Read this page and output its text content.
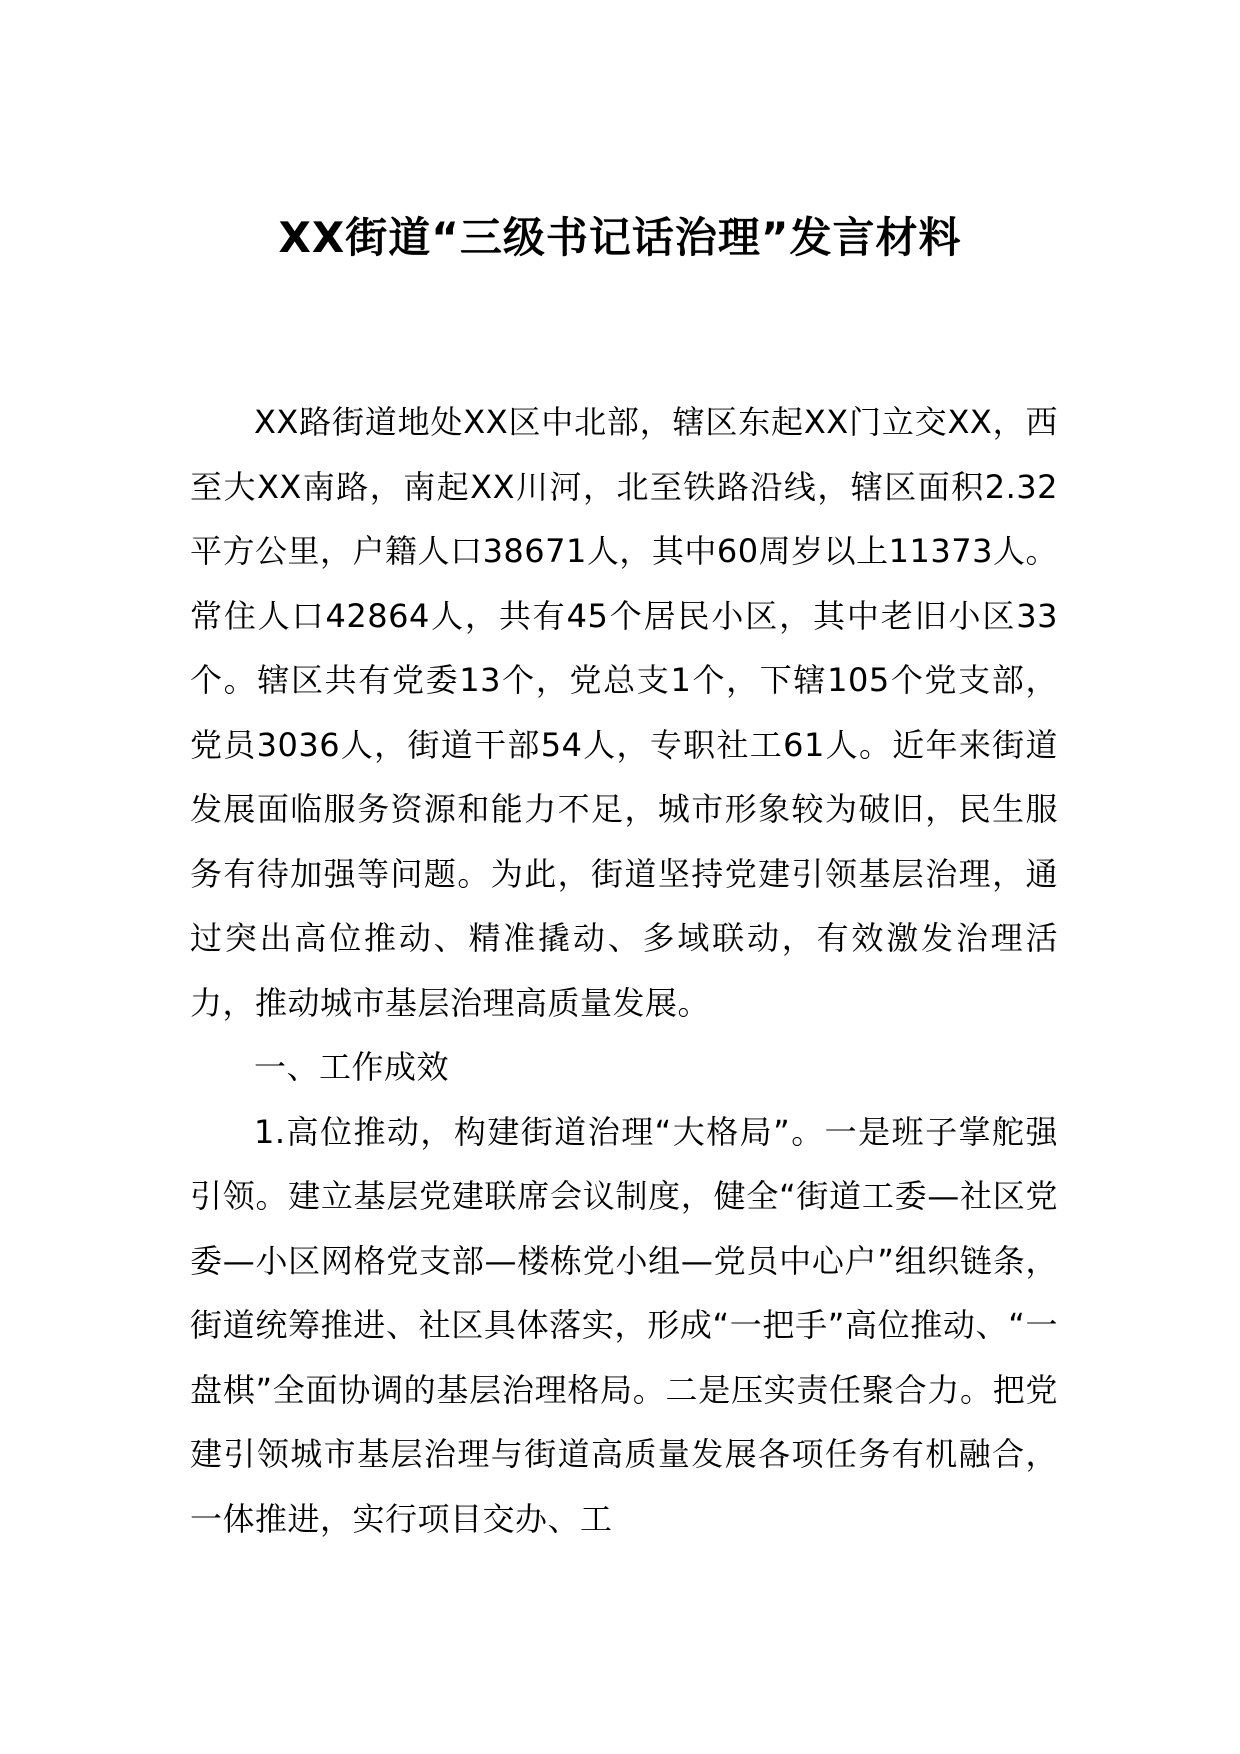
XX街道“三级书记话治理”发言材料

XX路街道地处XX区中北部，辖区东起XX门立交XX，西至大XX南路，南起XX川河，北至铁路沿线，辖区面积2.32平方公里，户籍人口38671人，其中60周岁以上11373人。常住人口42864人，共有45个居民小区，其中老旧小区33个。辖区共有党委13个，党总支1个，下辖105个党支部，党员3036人，街道干部54人，专职社工61人。近年来街道发展面临服务资源和能力不足，城市形象较为破旧，民生服务有待加强等问题。为此，街道坚持党建引领基层治理，通过突出高位推动、精准撬动、多域联动，有效激发治理活力，推动城市基层治理高质量发展。

一、工作成效

1.高位推动，构建街道治理“大格局”。一是班子掌舵强引领。建立基层党建联席会议制度，健全“街道工委—社区党委—小区网格党支部—楼栋党小组—党员中心户”组织链条，街道统筹推进、社区具体落实，形成“一把手”高位推动、“一盘棋”全面协调的基层治理格局。二是压实责任聚合力。把党建引领城市基层治理与街道高质量发展各项任务有机融合，一体推进，实行项目交办、工
